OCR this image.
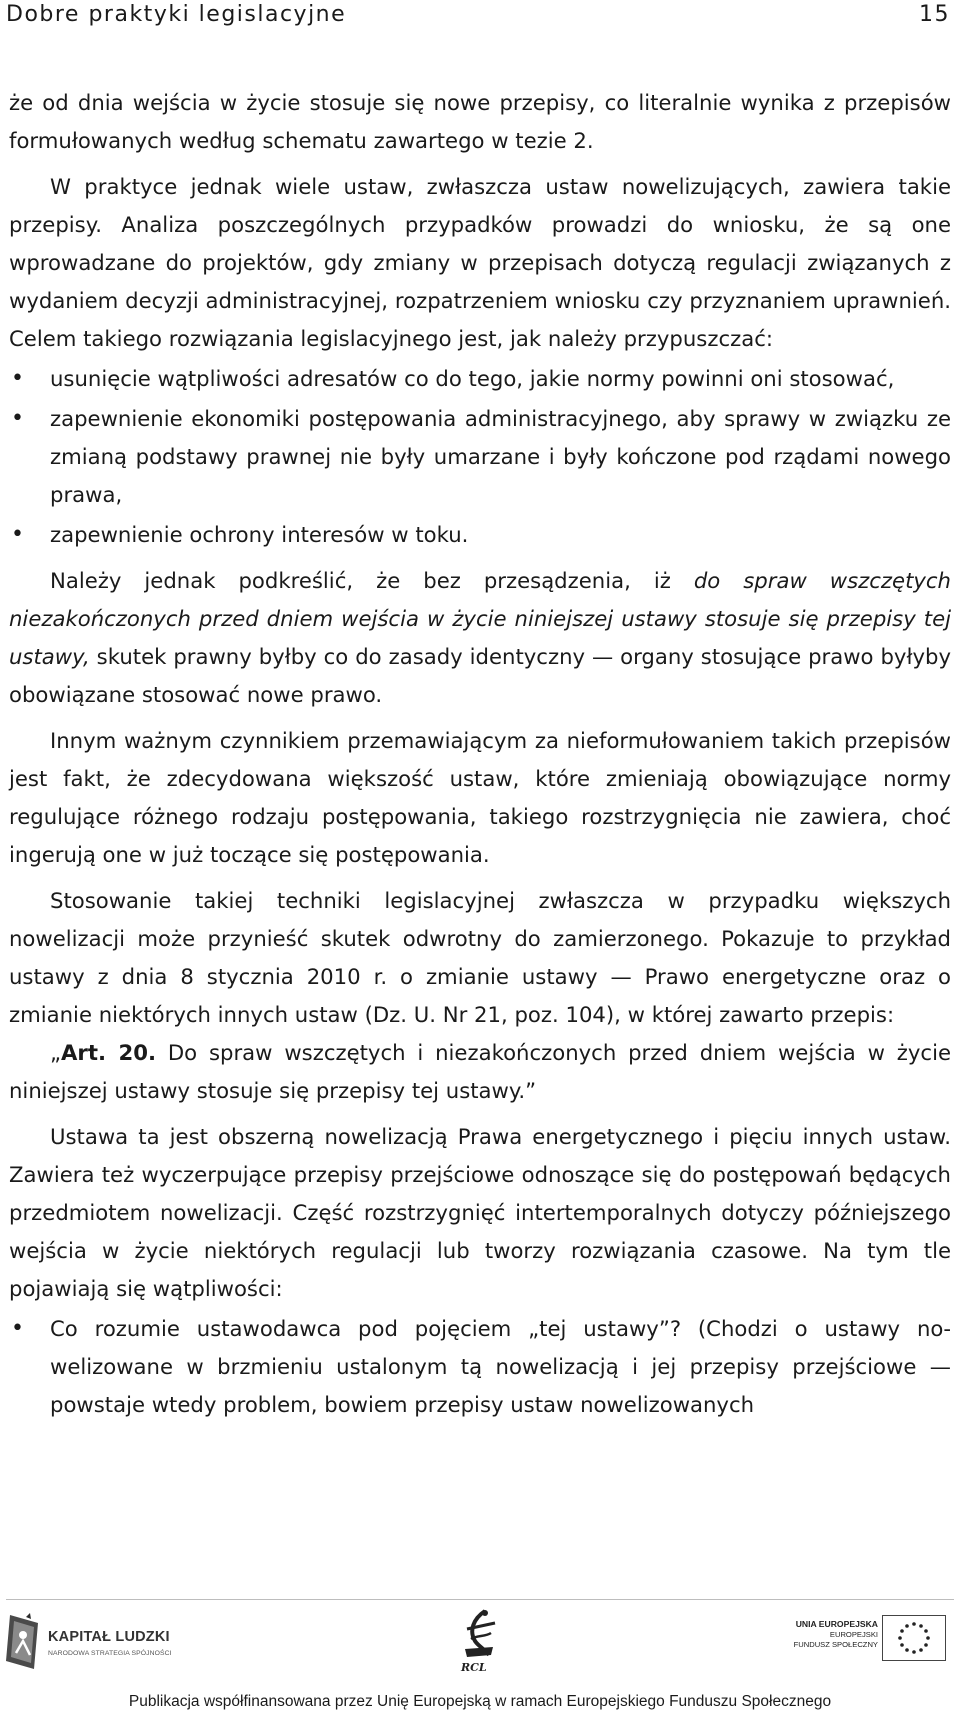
Dobre praktyki legislacyjne	15

że od dnia wejścia w życie stosuje się nowe przepisy, co literalnie wynika z przepisów formułowanych według schematu zawartego w tezie 2.

W praktyce jednak wiele ustaw, zwłaszcza ustaw nowelizujących, zawiera takie przepisy. Analiza poszczególnych przypadków prowadzi do wniosku, że są one wprowadzane do projektów, gdy zmiany w przepisach dotyczą regulacji związanych z wydaniem decyzji administracyjnej, rozpatrzeniem wniosku czy przyznaniem uprawnień. Celem takiego rozwiązania legislacyjnego jest, jak należy przypuszczać:

• usunięcie wątpliwości adresatów co do tego, jakie normy powinni oni stosować,
• zapewnienie ekonomiki postępowania administracyjnego, aby sprawy w związku ze zmianą podstawy prawnej nie były umarzane i były kończone pod rządami nowego prawa,
• zapewnienie ochrony interesów w toku.

Należy jednak podkreślić, że bez przesądzenia, iż do spraw wszczętych niezakończonych przed dniem wejścia w życie niniejszej ustawy stosuje się przepisy tej ustawy, skutek prawny byłby co do zasady identyczny — organy stosujące prawo byłyby obowiązane stosować nowe prawo.

Innym ważnym czynnikiem przemawiającym za nieformułowaniem takich przepisów jest fakt, że zdecydowana większość ustaw, które zmieniają obowiązujące normy regulujące różnego rodzaju postępowania, takiego rozstrzygnięcia nie zawiera, choć ingerują one w już toczące się postępowania.

Stosowanie takiej techniki legislacyjnej zwłaszcza w przypadku większych nowelizacji może przynieść skutek odwrotny do zamierzonego. Pokazuje to przykład ustawy z dnia 8 stycznia 2010 r. o zmianie ustawy — Prawo energetyczne oraz o zmianie niektórych innych ustaw (Dz. U. Nr 21, poz. 104), w której zawarto przepis:

„Art. 20. Do spraw wszczętych i niezakończonych przed dniem wejścia w życie niniejszej ustawy stosuje się przepisy tej ustawy.”

Ustawa ta jest obszerną nowelizacją Prawa energetycznego i pięciu innych ustaw. Zawiera też wyczerpujące przepisy przejściowe odnoszące się do postępowań będących przedmiotem nowelizacji. Część rozstrzygnięć intertemporalnych dotyczy późniejszego wejścia w życie niektórych regulacji lub tworzy rozwiązania czasowe. Na tym tle pojawiają się wątpliwości:

• Co rozumie ustawodawca pod pojęciem „tej ustawy”? (Chodzi o ustawy nowelizowane w brzmieniu ustalonym tą nowelizacją i jej przepisy przejściowe — powstaje wtedy problem, bowiem przepisy ustaw nowelizowanych
KAPITAŁ LUDZKI
NARODOWA STRATEGIA SPÓJNOŚCI
RCL
UNIA EUROPEJSKA
EUROPEJSKI
FUNDUSZ SPOŁECZNY
Publikacja współfinansowana przez Unię Europejską w ramach Europejskiego Funduszu Społecznego
